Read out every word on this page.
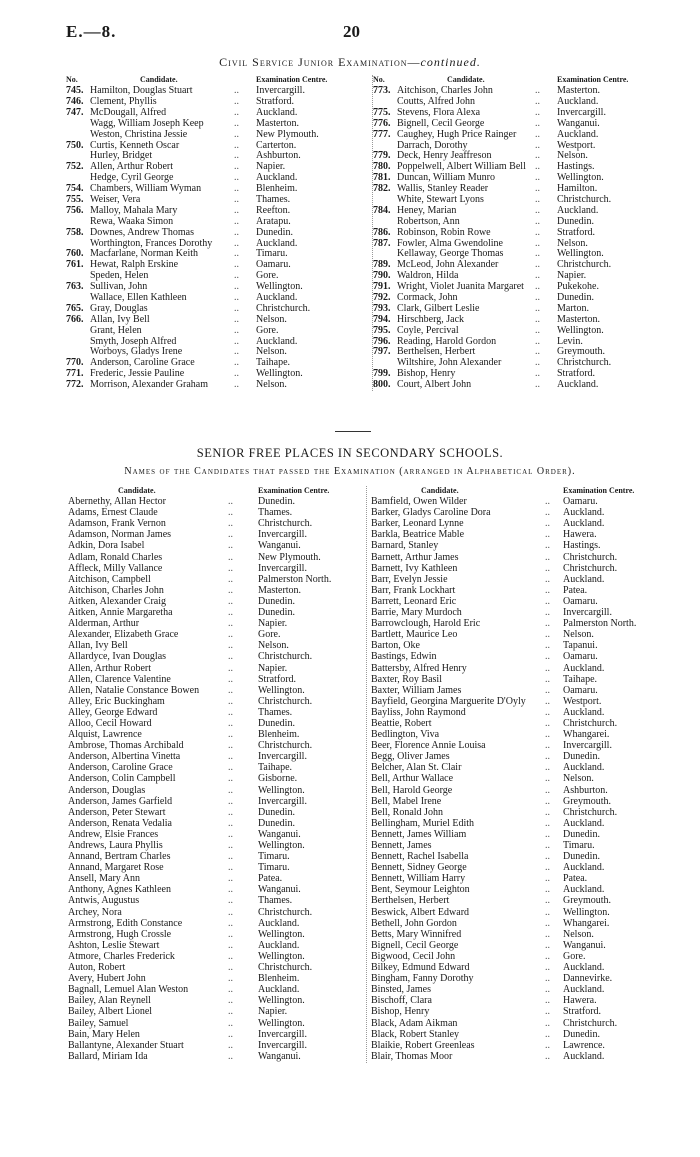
E.—8.	20
Civil Service Junior Examination—continued.
No.	Candidate.	Examination Centre.
745. Hamilton, Douglas Stuart	.. Invercargill.
746. Clement, Phyllis	.. Stratford.
747. McDougall, Alfred	.. Auckland.
Wagg, William Joseph Keep	.. Masterton.
Weston, Christina Jessie	.. New Plymouth.
750. Curtis, Kenneth Oscar	.. Carterton.
Hurley, Bridget	.. Ashburton.
752. Allen, Arthur Robert	.. Napier.
Hedge, Cyril George	.. Auckland.
754. Chambers, William Wyman	.. Blenheim.
755. Weiser, Vera	.. Thames.
756. Malloy, Mahala Mary	.. Reefton.
Rewa, Waaka Simon	.. Aratapu.
758. Downes, Andrew Thomas	.. Dunedin.
Worthington, Frances Dorothy .. Auckland.
760. Macfarlane, Norman Keith	.. Timaru.
761. Hewat, Ralph Erskine	.. Oamaru.
Speden, Helen	.. Gore.
763. Sullivan, John	.. Wellington.
Wallace, Ellen Kathleen	.. Auckland.
765. Gray, Douglas	.. Christchurch.
766. Allan, Ivy Bell	.. Nelson.
Grant, Helen	.. Gore.
Smyth, Joseph Alfred	.. Auckland.
Worboys, Gladys Irene	.. Nelson.
770. Anderson, Caroline Grace	.. Taihape.
771. Frederic, Jessie Pauline	.. Wellington.
772. Morrison, Alexander Graham	.. Nelson.
No.	Candidate.	Examination Centre.
773. Aitchison, Charles John	.. Masterton.
Coutts, Alfred John	.. Auckland.
775. Stevens, Flora Alexa	.. Invercargill.
776. Bignell, Cecil George	.. Wanganui.
777. Caughey, Hugh Price Rainger .. Auckland.
Darrach, Dorothy	.. Westport.
779. Deck, Henry Jeaffreson	.. Nelson.
780. Poppelwell, Albert William Bell .. Hastings.
781. Duncan, William Munro	.. Wellington.
782. Wallis, Stanley Reader	.. Hamilton.
White, Stewart Lyons	.. Christchurch.
784. Heney, Marian	.. Auckland.
Robertson, Ann	.. Dunedin.
786. Robinson, Robin Rowe	.. Stratford.
787. Fowler, Alma Gwendoline	.. Nelson.
Kellaway, George Thomas	.. Wellington.
789. McLeod, John Alexander	.. Christchurch.
790. Waldron, Hilda	.. Napier.
791. Wright, Violet Juanita Margaret .. Pukekohe.
792. Cormack, John	.. Dunedin.
793. Clark, Gilbert Leslie	.. Marton.
794. Hirschberg, Jack	.. Masterton.
795. Coyle, Percival	.. Wellington.
796. Reading, Harold Gordon	.. Levin.
797. Berthelsen, Herbert	.. Greymouth.
Wiltshire, John Alexander	.. Christchurch.
799. Bishop, Henry	.. Stratford.
800. Court, Albert John	.. Auckland.
SENIOR FREE PLACES IN SECONDARY SCHOOLS.
Names of the Candidates that passed the Examination (arranged in Alphabetical Order).
Candidate.	Examination Centre.
Abernethy, Allan Hector	..	Dunedin.
Adams, Ernest Claude	..	Thames.
Adamson, Frank Vernon	..	Christchurch.
Adamson, Norman James	..	Invercargill.
Adkin, Dora Isabel	..	Wanganui.
Adlam, Ronald Charles	..	New Plymouth.
Affleck, Milly Vallance	..	Invercargill.
Aitchison, Campbell	..	Palmerston North.
Aitchison, Charles John	..	Masterton.
Aitken, Alexander Craig	..	Dunedin.
Aitken, Annie Margaretha	..	Dunedin.
Alderman, Arthur	..	Napier.
Alexander, Elizabeth Grace	..	Gore.
Allan, Ivy Bell	..	Nelson.
Allardyce, Ivan Douglas	..	Christchurch.
Allen, Arthur Robert	..	Napier.
Allen, Clarence Valentine	..	Stratford.
Allen, Natalie Constance Bowen	..	Wellington.
Alley, Eric Buckingham	..	Christchurch.
Alley, George Edward	..	Thames.
Alloo, Cecil Howard	..	Dunedin.
Alquist, Lawrence	..	Blenheim.
Ambrose, Thomas Archibald	..	Christchurch.
Anderson, Albertina Vinetta	..	Invercargill.
Anderson, Caroline Grace	..	Taihape.
Anderson, Colin Campbell	..	Gisborne.
Anderson, Douglas	..	Wellington.
Anderson, James Garfield	..	Invercargill.
Anderson, Peter Stewart	..	Dunedin.
Anderson, Renata Vedalia	..	Dunedin.
Andrew, Elsie Frances	..	Wanganui.
Andrews, Laura Phyllis	..	Wellington.
Annand, Bertram Charles	..	Timaru.
Annand, Margaret Rose	..	Timaru.
Ansell, Mary Ann	..	Patea.
Anthony, Agnes Kathleen	..	Wanganui.
Antwis, Augustus	..	Thames.
Archey, Nora	..	Christchurch.
Armstrong, Edith Constance	..	Auckland.
Armstrong, Hugh Crossle	..	Wellington.
Ashton, Leslie Stewart	..	Auckland.
Atmore, Charles Frederick	..	Wellington.
Auton, Robert	..	Christchurch.
Avery, Hubert John	..	Blenheim.
Bagnall, Lemuel Alan Weston	..	Auckland.
Bailey, Alan Reynell	..	Wellington.
Bailey, Albert Lionel	..	Napier.
Bailey, Samuel	..	Wellington.
Bain, Mary Helen	..	Invercargill.
Ballantyne, Alexander Stuart	..	Invercargill.
Ballard, Miriam Ida	..	Wanganui.
Candidate.	Examination Centre.
Bamfield, Owen Wilder	.. Oamaru.
Barker, Gladys Caroline Dora	.. Auckland.
Barker, Leonard Lynne	.. Auckland.
Barkla, Beatrice Mable	.. Hawera.
Barnard, Stanley	.. Hastings.
Barnett, Arthur James	.. Christchurch.
Barnett, Ivy Kathleen	.. Christchurch.
Barr, Evelyn Jessie	.. Auckland.
Barr, Frank Lockhart	.. Patea.
Barrett, Leonard Eric	.. Oamaru.
Barrie, Mary Murdoch	.. Invercargill.
Barrowclough, Harold Eric	.. Palmerston North.
Bartlett, Maurice Leo	.. Nelson.
Barton, Oke	.. Tapanui.
Bastings, Edwin	.. Oamaru.
Battersby, Alfred Henry	.. Auckland.
Baxter, Roy Basil	.. Taihape.
Baxter, William James	.. Oamaru.
Bayfield, Georgina Marguerite D'Oyly .. Westport.
Bayliss, John Raymond	.. Auckland.
Beattie, Robert	.. Christchurch.
Bedlington, Viva	.. Whangarei.
Beer, Florence Annie Louisa	.. Invercargill.
Begg, Oliver James	.. Dunedin.
Belcher, Alan St. Clair	.. Auckland.
Bell, Arthur Wallace	.. Nelson.
Bell, Harold George	.. Ashburton.
Bell, Mabel Irene	.. Greymouth.
Bell, Ronald John	.. Christchurch.
Bellingham, Muriel Edith	.. Auckland.
Bennett, James William	.. Dunedin.
Bennett, James	.. Timaru.
Bennett, Rachel Isabella	.. Dunedin.
Bennett, Sidney George	.. Auckland.
Bennett, William Harry	.. Patea.
Bent, Seymour Leighton	.. Auckland.
Berthelsen, Herbert	.. Greymouth.
Beswick, Albert Edward	.. Wellington.
Bethell, John Gordon	.. Whangarei.
Betts, Mary Winnifred	.. Nelson.
Bignell, Cecil George	.. Wanganui.
Bigwood, Cecil John	.. Gore.
Bilkey, Edmund Edward	.. Auckland.
Bingham, Fanny Dorothy	.. Dannevirke.
Binsted, James	.. Auckland.
Bischoff, Clara	.. Hawera.
Bishop, Henry	.. Stratford.
Black, Adam Aikman	.. Christchurch.
Black, Robert Stanley	.. Dunedin.
Blaikie, Robert Greenleas	.. Lawrence.
Blair, Thomas Moor	.. Auckland.
